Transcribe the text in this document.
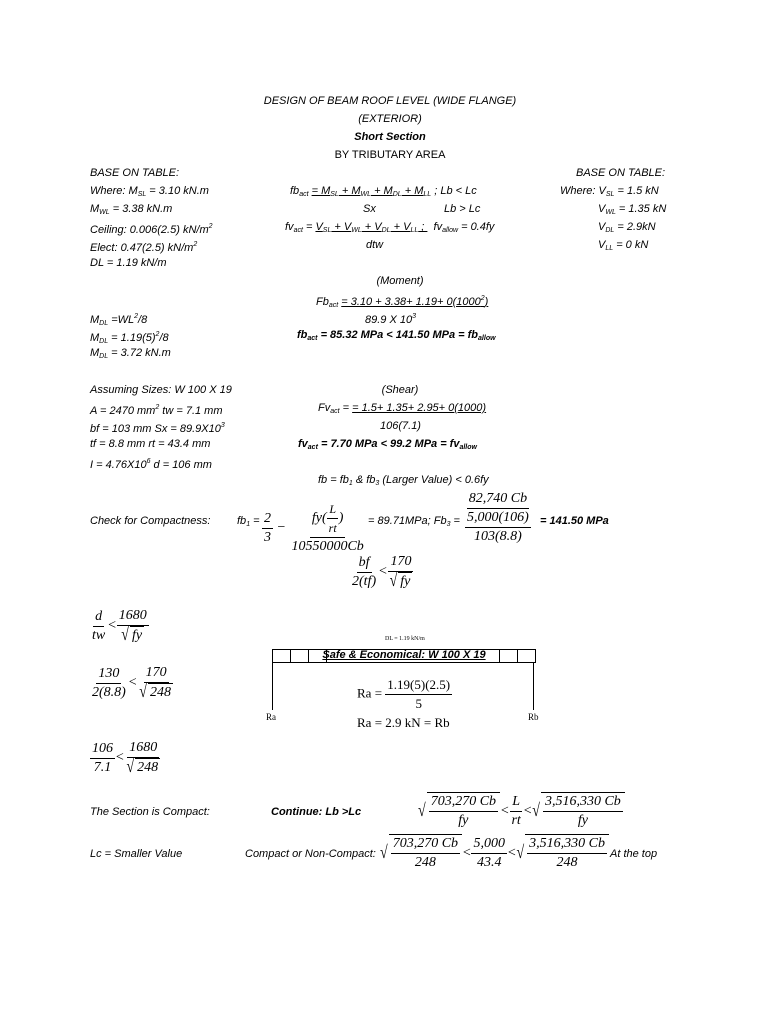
DESIGN OF BEAM ROOF LEVEL (WIDE FLANGE)
(EXTERIOR)
Short Section
BY TRIBUTARY AREA
BASE ON TABLE:
Where: $M_{SL} = 3.10$ kN.m
$M_{WL} = 3.38$ kN.m
Ceiling: 0.006(2.5) $kN/m^2$
Elect: 0.47(2.5) $kN/m^2$
DL = 1.19 kN/m
BASE ON TABLE:
Where: $V_{SL} = 1.5$ kN
$V_{WL} = 1.35$ kN
$V_{DL} = 2.9kN$
$V_{LL} = 0$ kN
$fb_{act} = M_{SL} + M_{WL} + M_{DL} + M_{LL}$ ; Lb < Lc
Sx	Lb > Lc
$fv_{act} = V_{SL} + V_{WL} + V_{DL} + V_{LL}$ ;   $fv_{allow} = 0.4fy$
dtw
(Moment)
$Fb_{act} = 3.10 + 3.38+ 1.19+ 0(1000^2)$
89.9 X $10^3$
$fb_{act} = 85.32$ MPa < 141.50 MPa = $fb_{allow}$
$M_{DL} =WL^2/8$
$M_{DL} = 1.19(5)^2/8$
$M_{DL} = 3.72$ kN.m
Assuming Sizes: W 100 X 19
A = 2470 $mm^2$ tw = 7.1 mm
bf = 103 mm $Sx = 89.9X10^3$
tf = 8.8 mm rt = 43.4 mm
$I = 4.76X10^6$ d = 106 mm
(Shear)
$Fv_{act}$ = = 1.5+ 1.35+ 2.95+ 0(1000)
106(7.1)
$fv_{act} = 7.70$ MPa < 99.2 MPa = $fv_{allow}$
fb = $fb_1$ & $fb_3$ (Larger Value) < 0.6fy
Check for Compactness: $fb_1 = \frac{2}{3} - \frac{fy( \frac{L}{rt} )}{10550000Cb} = 89.71MPa$; $Fb_3$ =
82,740 Cb
5,000(106)
103(8.8)
= 141.50 MPa
$\frac{bf}{2(tf)} < \frac{170}{√ fy}$
$\frac{d}{tw} < \frac{1680}{√ fy}$
$\frac{130}{2(8.8)} < \frac{170}{√ 248}$
$\frac{106}{7.1} < \frac{1680}{√ 248}$
DL = 1.19 kN/m
Safe & Economical: W 100 X 19
Ra	Rb
$Ra = \frac{1.19(5)(2.5)}{5}$
Ra = 2.9 kN = Rb
The Section is Compact:	Continue: Lb >Lc	√ $\frac{703,270 Cb}{fy} < \frac{L}{rt}$ <√ $\frac{3,516,330 Cb}{fy}$
Lc = Smaller Value	Compact or Non-Compact: √ $\frac{703,270 Cb}{248} < \frac{5,000}{43.4}$ <√ $\frac{3,516,330 Cb}{248}$ At the top
